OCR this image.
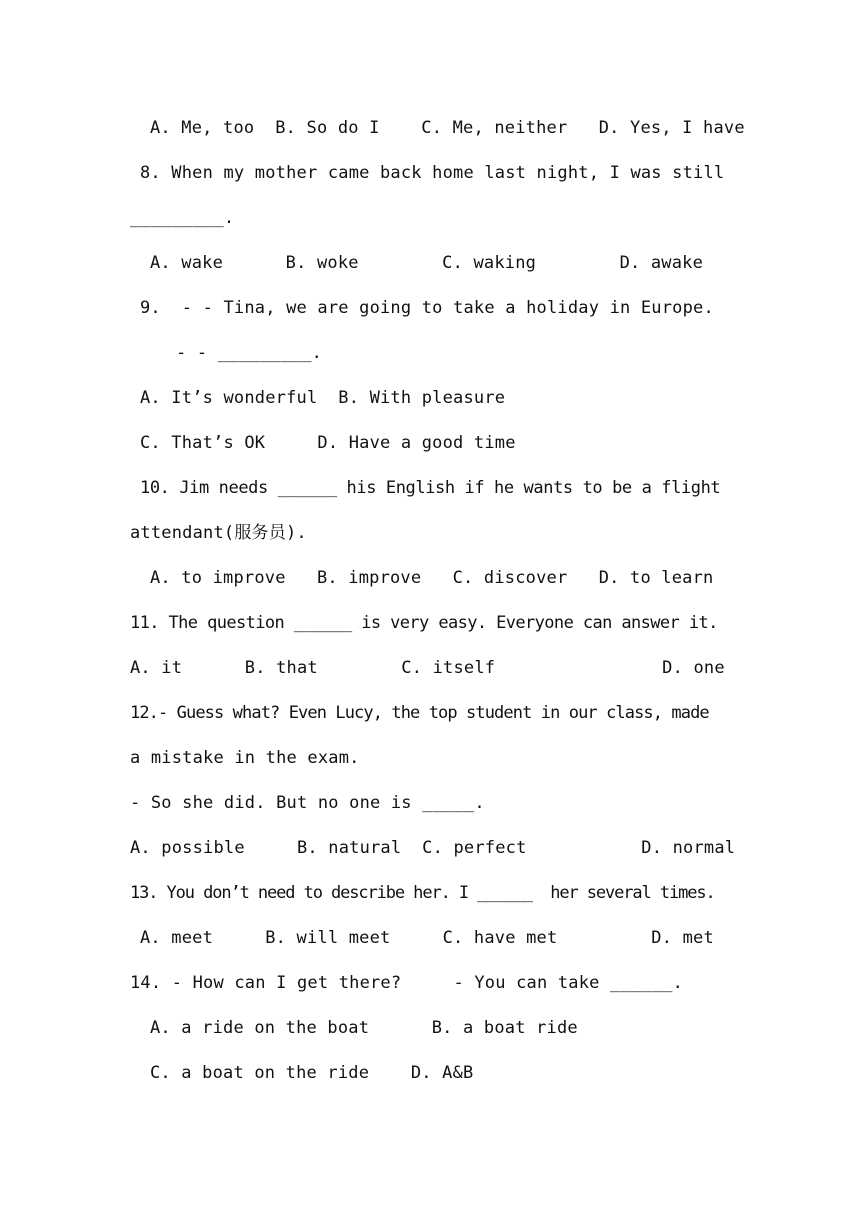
A. Me, too  B. So do I    C. Me, neither   D. Yes, I have
8. When my mother came back home last night, I was still
_________.
A. wake      B. woke        C. waking        D. awake
9.  - - Tina, we are going to take a holiday in Europe.
- - _________.
A. It’s wonderful  B. With pleasure
C. That’s OK     D. Have a good time
10. Jim needs ______ his English if he wants to be a flight
attendant(服务员).
A. to improve   B. improve   C. discover   D. to learn
11. The question ______ is very easy. Everyone can answer it.
A. it      B. that        C. itself                D. one
12.- Guess what? Even Lucy, the top student in our class, made
a mistake in the exam.
- So she did. But no one is _____.
A. possible     B. natural  C. perfect           D. normal
13. You don’t need to describe her. I ______  her several times.
A. meet     B. will meet     C. have met         D. met
14. - How can I get there?     - You can take ______.
A. a ride on the boat      B. a boat ride
C. a boat on the ride    D. A&B
